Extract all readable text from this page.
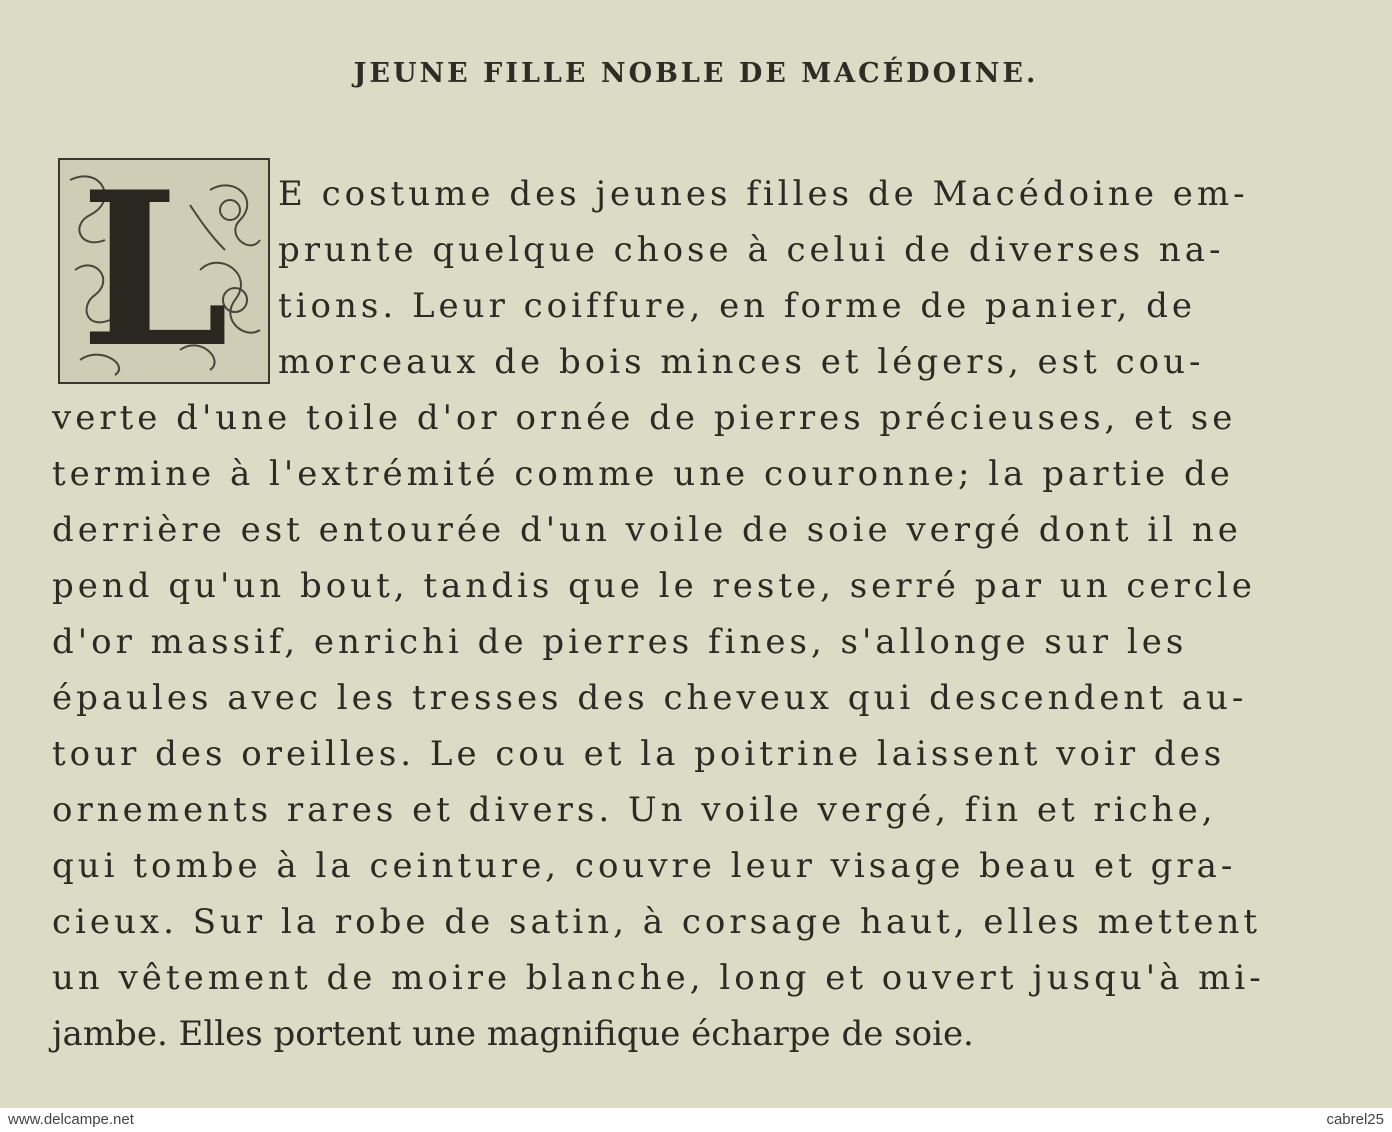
JEUNE FILLE NOBLE DE MACÉDOINE.
L E costume des jeunes filles de Macédoine em-
prunte quelque chose à celui de diverses na-
tions. Leur coiffure, en forme de panier, de
morceaux de bois minces et légers, est cou-
verte d'une toile d'or ornée de pierres précieuses, et se
termine à l'extrémité comme une couronne; la partie de
derrière est entourée d'un voile de soie vergé dont il ne
pend qu'un bout, tandis que le reste, serré par un cercle
d'or massif, enrichi de pierres fines, s'allonge sur les
épaules avec les tresses des cheveux qui descendent au-
tour des oreilles. Le cou et la poitrine laissent voir des
ornements rares et divers. Un voile vergé, fin et riche,
qui tombe à la ceinture, couvre leur visage beau et gra-
cieux. Sur la robe de satin, à corsage haut, elles mettent
un vêtement de moire blanche, long et ouvert jusqu'à mi-
jambe. Elles portent une magnifique écharpe de soie.
www.delcampe.net	cabrel25
